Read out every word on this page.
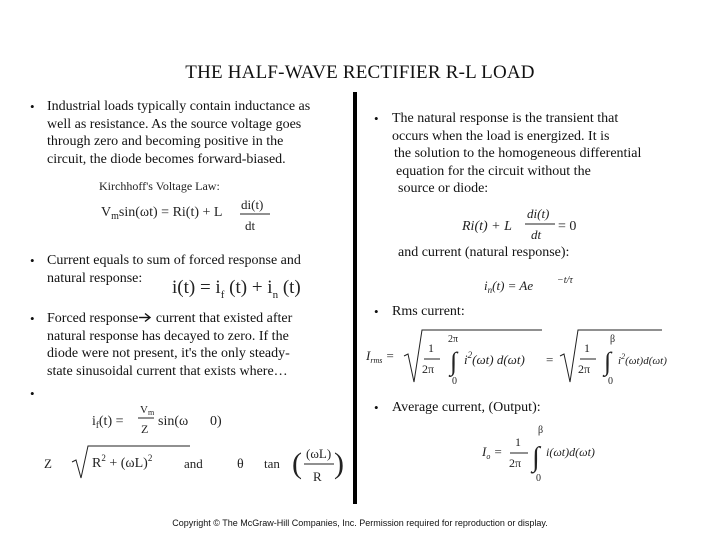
THE HALF-WAVE RECTIFIER R-L LOAD
• Industrial loads typically contain inductance as
well as resistance. As the source voltage goes
through zero and becoming positive in the
circuit, the diode becomes forward-biased.
Kirchhoff's Voltage Law:
$V_m\sin(\omega t) = Ri(t) + L$
di(t)
dt
• Current equals to sum of forced response and
natural response:	$i(t) = i_f$ $(t) + i_n$ (t)
• Forced response current that existed after
natural response has decayed to zero. If the
diode were not present, it's the only steady-
state sinusoidal current that exists where…
•
$i_f(t)$ =
Vm
Z sin(ω 0)
Z	$R^2 + (\omega L)^2$ and θ tan ( (ωL)
R )
• The natural response is the transient that
occurs when the load is energized. It is
the solution to the homogeneous differential
equation for the circuit without the
source or diode:
Ri(t) + L
di(t)
dt
= 0
and current (natural response):
$i_n(t) = Ae -t/\tau$
• Rms current:
$I_{rms}$ =	1
2π
2π
∫
0
$i^2(\omega t) d(\omega t)$ =
1
2π
β
∫
0
$i^2(\omega t)d(\omega t)$
• Average current, (Output):
$I_o$ =
1
2π
β
∫
0
i(ωt)d(ωt)
Copyright © The McGraw-Hill Companies, Inc. Permission required for reproduction or display.
